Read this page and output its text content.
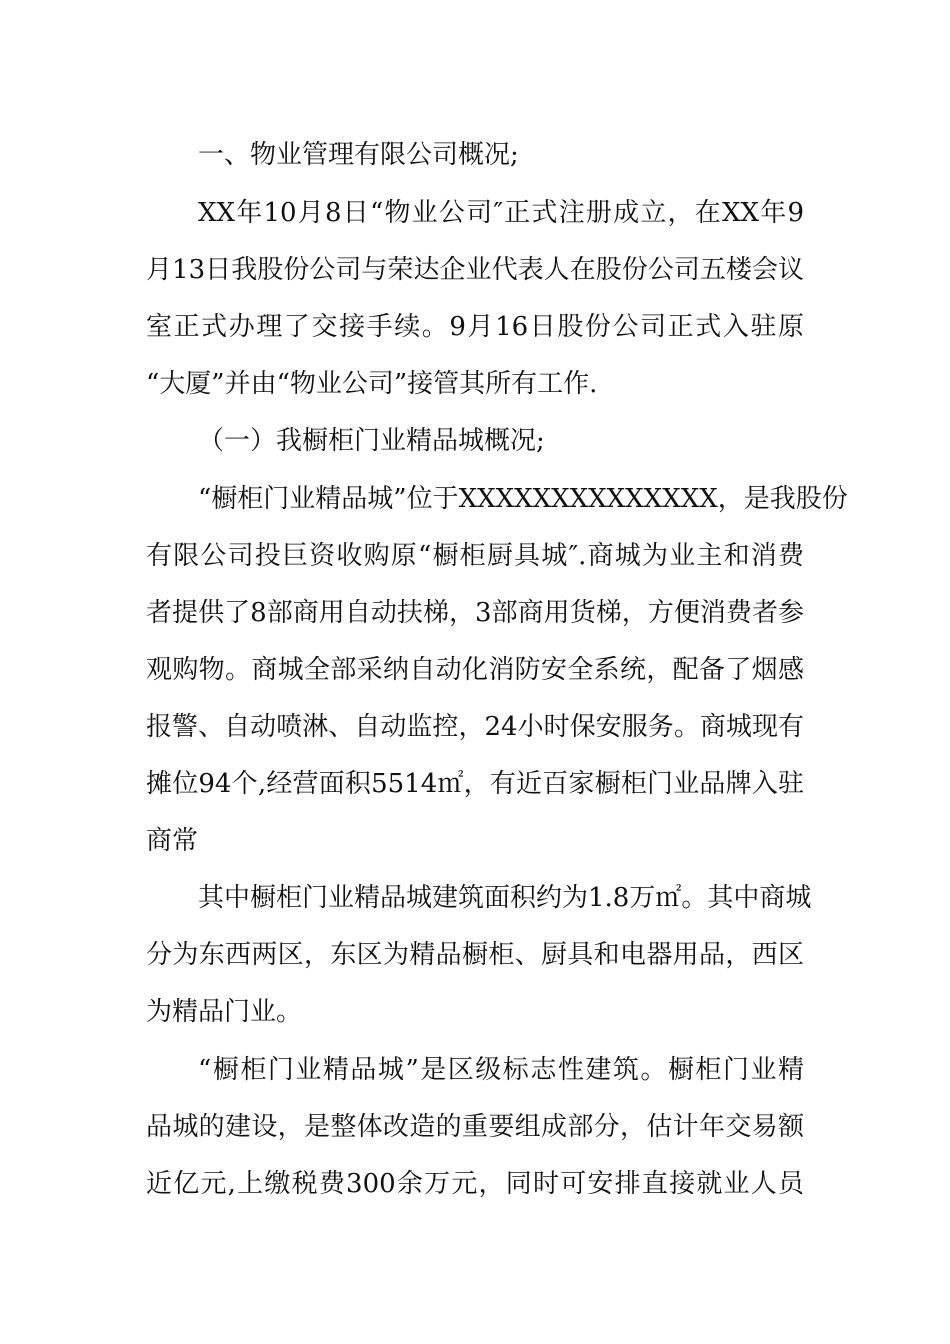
一、物业管理有限公司概况;
XX年10月8日“物业公司″正式注册成立，在XX年9
月13日我股份公司与荣达企业代表人在股份公司五楼会议
室正式办理了交接手续。9月16日股份公司正式入驻原
“大厦”并由“物业公司”接管其所有工作.
（一）我橱柜门业精品城概况;
“橱柜门业精品城”位于XXXXXXXXXXXXXX，是我股份
有限公司投巨资收购原“橱柜厨具城″.商城为业主和消费
者提供了8部商用自动扶梯，3部商用货梯，方便消费者参
观购物。商城全部采纳自动化消防安全系统，配备了烟感
报警、自动喷淋、自动监控，24小时保安服务。商城现有
摊位94个,经营面积5514㎡，有近百家橱柜门业品牌入驻
商常
其中橱柜门业精品城建筑面积约为1.8万㎡。其中商城
分为东西两区，东区为精品橱柜、厨具和电器用品，西区
为精品门业。
“橱柜门业精品城”是区级标志性建筑。橱柜门业精
品城的建设，是整体改造的重要组成部分，估计年交易额
近亿元,上缴税费300余万元，同时可安排直接就业人员
